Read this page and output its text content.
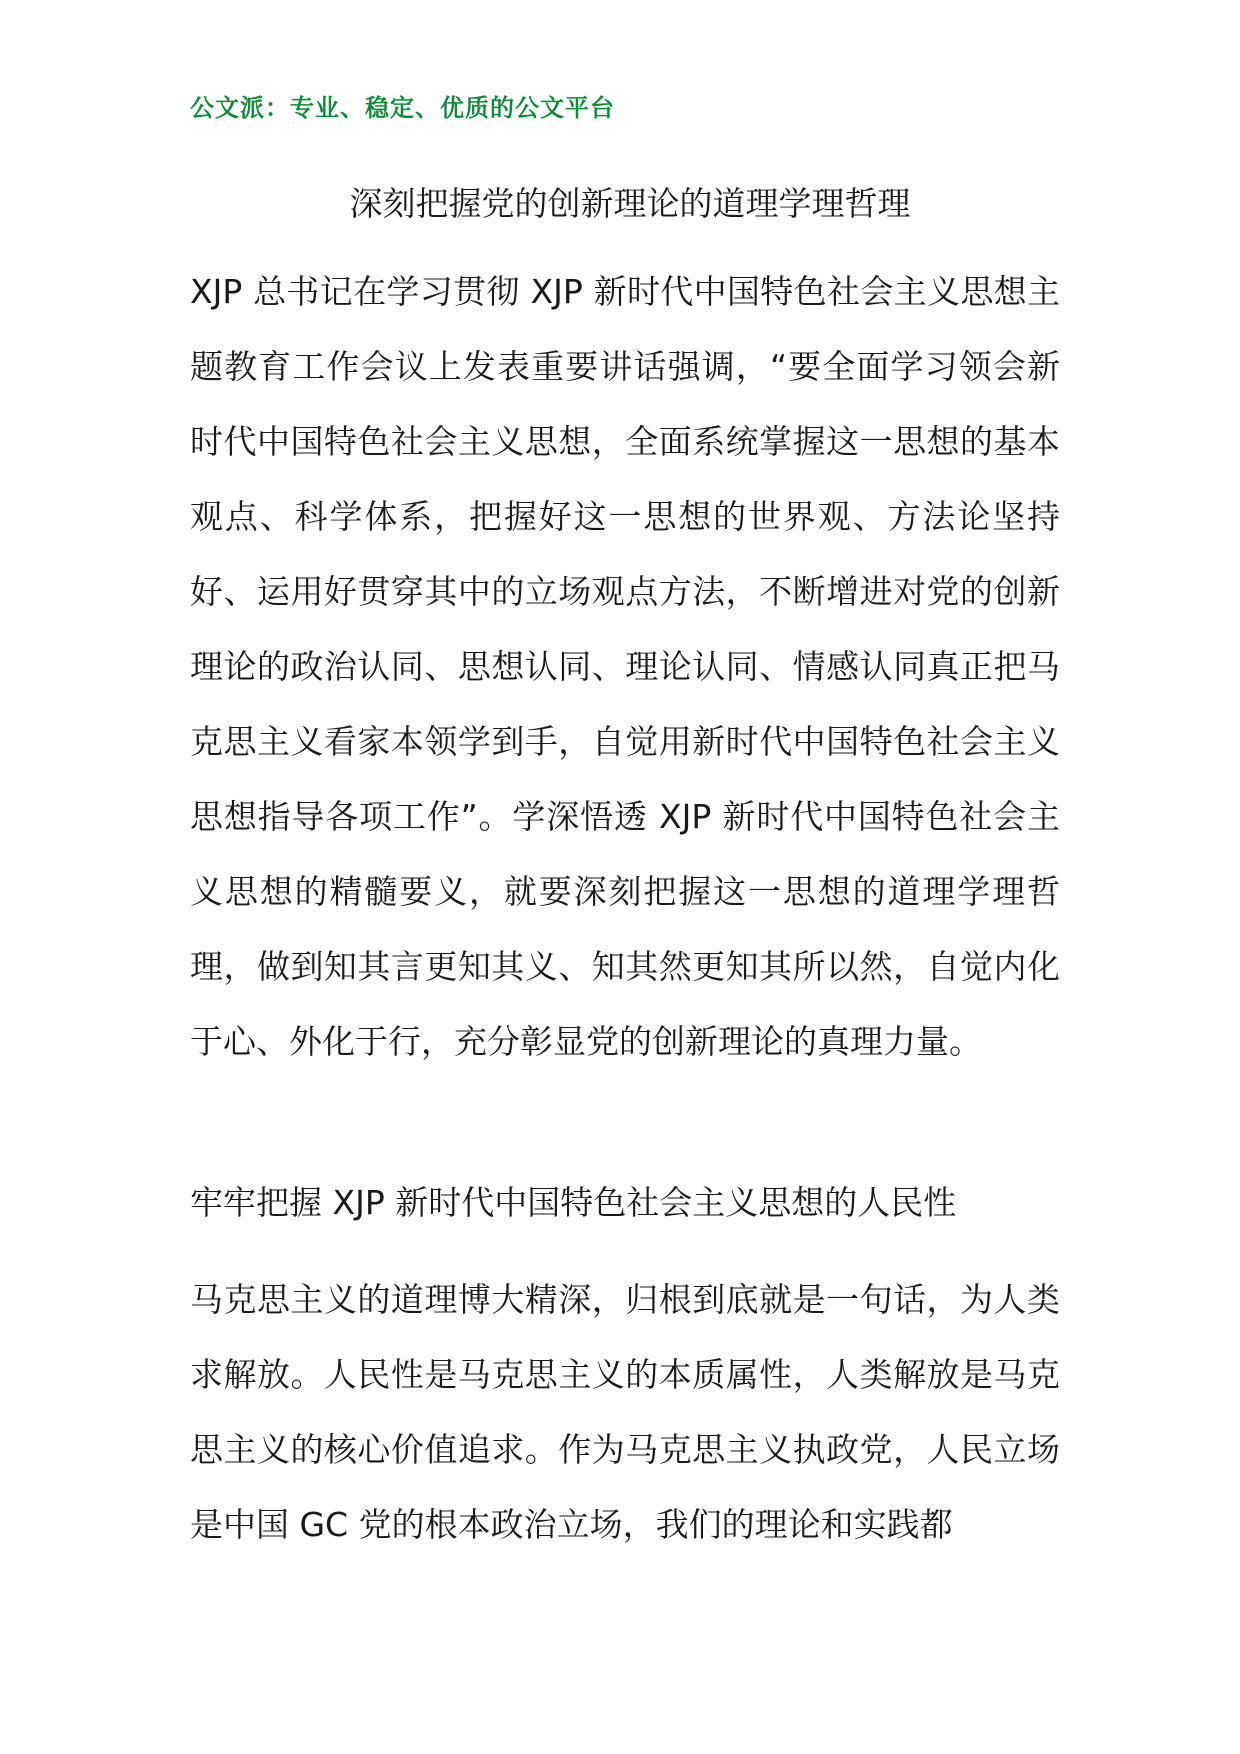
公文派：专业、稳定、优质的公文平台
深刻把握党的创新理论的道理学理哲理
XJP 总书记在学习贯彻 XJP 新时代中国特色社会主义思想主题教育工作会议上发表重要讲话强调，“要全面学习领会新时代中国特色社会主义思想，全面系统掌握这一思想的基本观点、科学体系，把握好这一思想的世界观、方法论坚持好、运用好贯穿其中的立场观点方法，不断增进对党的创新理论的政治认同、思想认同、理论认同、情感认同真正把马克思主义看家本领学到手，自觉用新时代中国特色社会主义思想指导各项工作”。学深悟透 XJP 新时代中国特色社会主义思想的精髓要义，就要深刻把握这一思想的道理学理哲理，做到知其言更知其义、知其然更知其所以然，自觉内化于心、外化于行，充分彰显党的创新理论的真理力量。
牢牢把握 XJP 新时代中国特色社会主义思想的人民性
马克思主义的道理博大精深，归根到底就是一句话，为人类求解放。人民性是马克思主义的本质属性，人类解放是马克思主义的核心价值追求。作为马克思主义执政党，人民立场是中国 GC 党的根本政治立场，我们的理论和实践都
